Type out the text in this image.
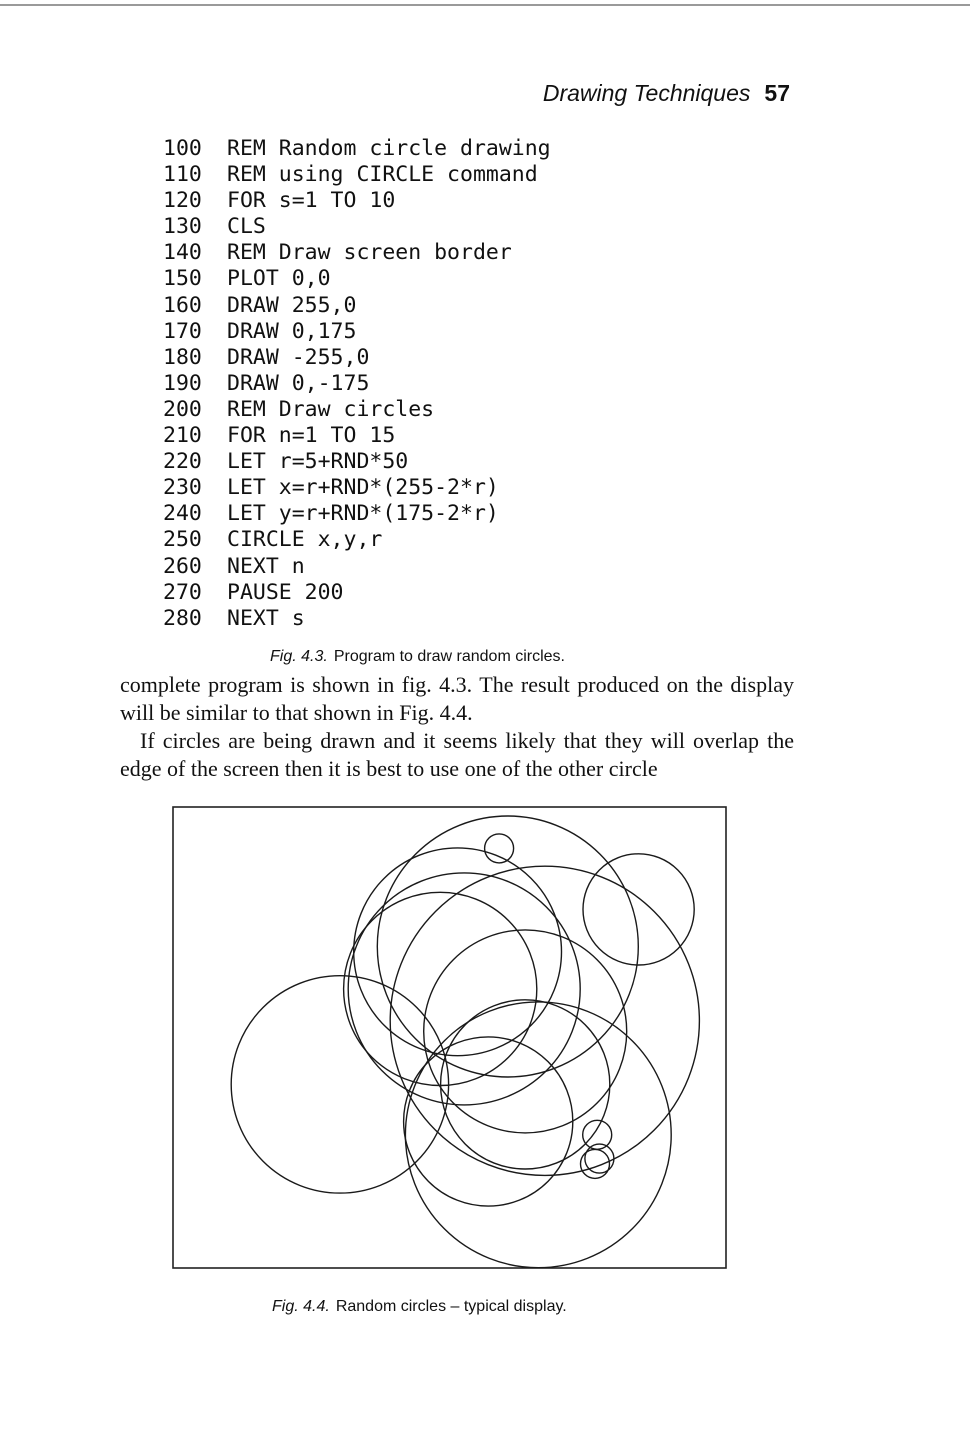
Drawing Techniques 57
100 REM Random circle drawing
110 REM using CIRCLE command
120 FOR s=1 TO 10
130 CLS
140 REM Draw screen border
150 PLOT 0,0
160 DRAW 255,0
170 DRAW 0,175
180 DRAW -255,0
190 DRAW 0,-175
200 REM Draw circles
210 FOR n=1 TO 15
220 LET r=5+RND*50
230 LET x=r+RND*(255-2*r)
240 LET y=r+RND*(175-2*r)
250 CIRCLE x,y,r
260 NEXT n
270 PAUSE 200
280 NEXT s
Fig. 4.3. Program to draw random circles.

complete program is shown in fig. 4.3. The result produced on the display will be similar to that shown in Fig. 4.4.

If circles are being drawn and it seems likely that they will overlap the edge of the screen then it is best to use one of the other circle

Fig. 4.4. Random circles – typical display.
